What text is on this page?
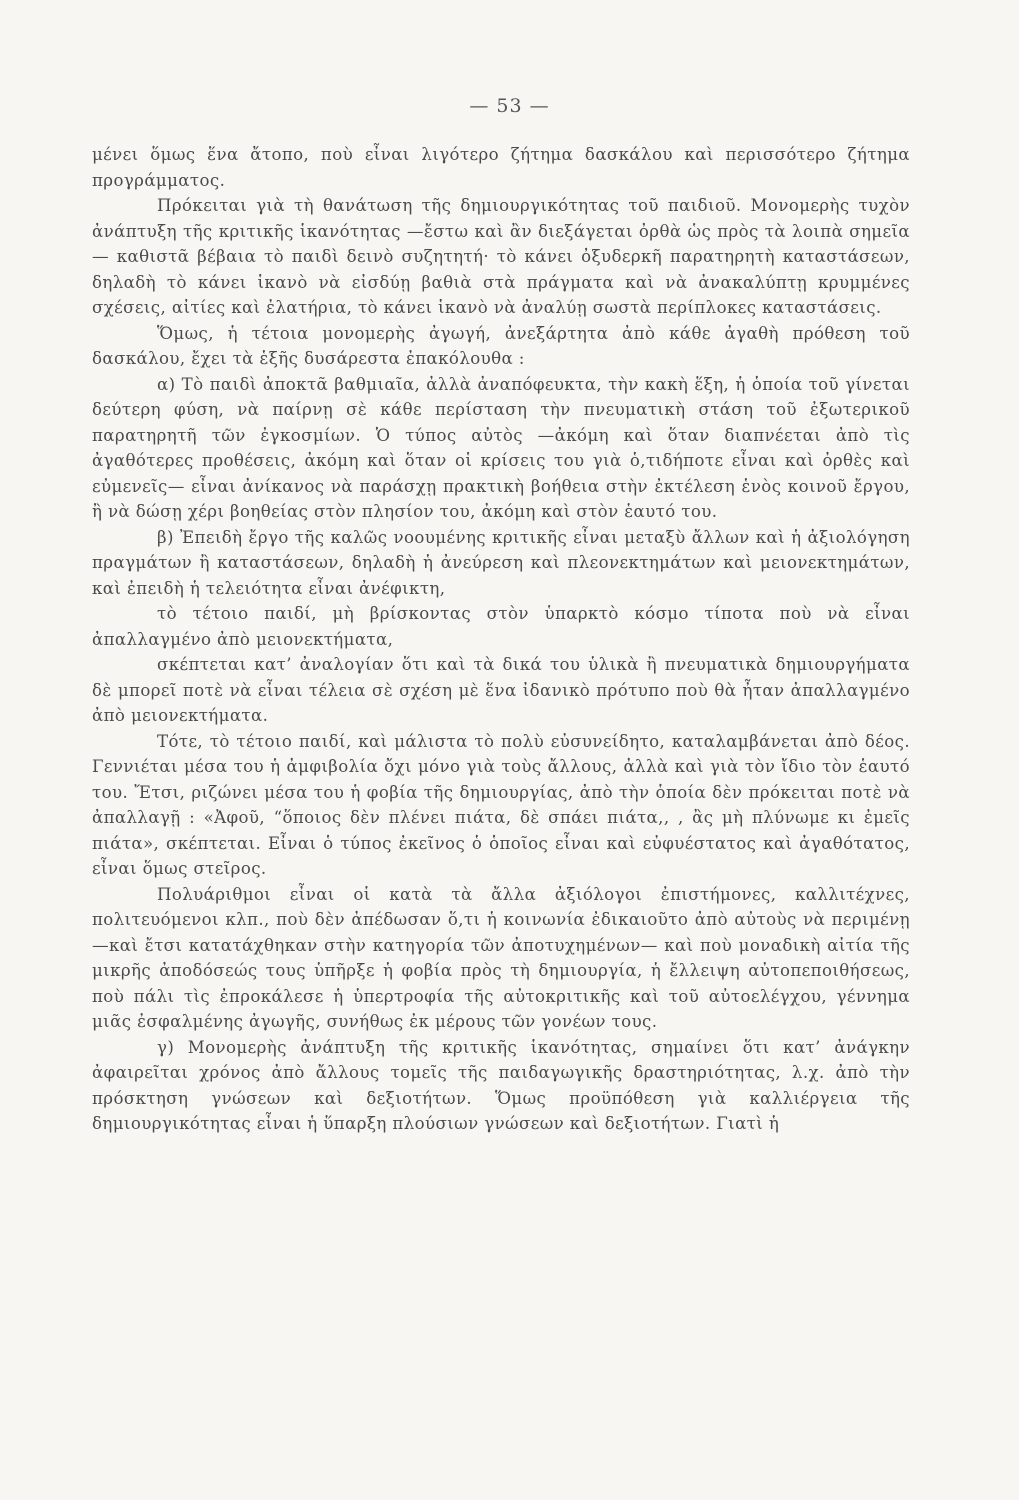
— 53 —

μένει ὅμως ἕνα ἄτοπο, ποὺ εἶναι λιγότερο ζήτημα δασκάλου καὶ περισσότερο ζήτημα προγράμματος.

Πρόκειται γιὰ τὴ θανάτωση τῆς δημιουργικότητας τοῦ παιδιοῦ. Μονομερὴς τυχὸν ἀνάπτυξη τῆς κριτικῆς ἱκανότητας —ἔστω καὶ ἂν διεξάγεται ὀρθὰ ὡς πρὸς τὰ λοιπὰ σημεῖα— καθιστᾶ βέβαια τὸ παιδὶ δεινὸ συζητητή· τὸ κάνει ὀξυδερκῆ παρατηρητὴ καταστάσεων, δηλαδὴ τὸ κάνει ἱκανὸ νὰ εἰσδύῃ βαθιὰ στὰ πράγματα καὶ νὰ ἀνακαλύπτῃ κρυμμένες σχέσεις, αἰτίες καὶ ἐλατήρια, τὸ κάνει ἱκανὸ νὰ ἀναλύῃ σωστὰ περίπλοκες καταστάσεις.

Ὅμως, ἡ τέτοια μονομερὴς ἀγωγή, ἀνεξάρτητα ἀπὸ κάθε ἀγαθὴ πρόθεση τοῦ δασκάλου, ἔχει τὰ ἑξῆς δυσάρεστα ἐπακόλουθα :

α) Τὸ παιδὶ ἀποκτᾶ βαθμιαῖα, ἀλλὰ ἀναπόφευκτα, τὴν κακὴ ἕξη, ἡ ὁποία τοῦ γίνεται δεύτερη φύση, νὰ παίρνῃ σὲ κάθε περίσταση τὴν πνευματικὴ στάση τοῦ ἐξωτερικοῦ παρατηρητῆ τῶν ἐγκοσμίων. Ὁ τύπος αὐτὸς —ἀκόμη καὶ ὅταν διαπνέεται ἀπὸ τὶς ἀγαθότερες προθέσεις, ἀκόμη καὶ ὅταν οἱ κρίσεις του γιὰ ὁ,τιδήποτε εἶναι καὶ ὀρθὲς καὶ εὐμενεῖς— εἶναι ἀνίκανος νὰ παράσχῃ πρακτικὴ βοήθεια στὴν ἐκτέλεση ἑνὸς κοινοῦ ἔργου, ἢ νὰ δώσῃ χέρι βοηθείας στὸν πλησίον του, ἀκόμη καὶ στὸν ἑαυτό του.

β) Ἐπειδὴ ἔργο τῆς καλῶς νοουμένης κριτικῆς εἶναι μεταξὺ ἄλλων καὶ ἡ ἀξιολόγηση πραγμάτων ἢ καταστάσεων, δηλαδὴ ἡ ἀνεύρεση καὶ πλεονεκτημάτων καὶ μειονεκτημάτων, καὶ ἐπειδὴ ἡ τελειότητα εἶναι ἀνέφικτη,

τὸ τέτοιο παιδί, μὴ βρίσκοντας στὸν ὑπαρκτὸ κόσμο τίποτα ποὺ νὰ εἶναι ἀπαλλαγμένο ἀπὸ μειονεκτήματα,

σκέπτεται κατ’ ἀναλογίαν ὅτι καὶ τὰ δικά του ὑλικὰ ἢ πνευματικὰ δημιουργήματα δὲ μπορεῖ ποτὲ νὰ εἶναι τέλεια σὲ σχέση μὲ ἕνα ἰδανικὸ πρότυπο ποὺ θὰ ἦταν ἀπαλλαγμένο ἀπὸ μειονεκτήματα.

Τότε, τὸ τέτοιο παιδί, καὶ μάλιστα τὸ πολὺ εὐσυνείδητο, καταλαμβάνεται ἀπὸ δέος. Γεννιέται μέσα του ἡ ἀμφιβολία ὄχι μόνο γιὰ τοὺς ἄλλους, ἀλλὰ καὶ γιὰ τὸν ἴδιο τὸν ἑαυτό του. Ἔτσι, ριζώνει μέσα του ἡ φοβία τῆς δημιουργίας, ἀπὸ τὴν ὁποία δὲν πρόκειται ποτὲ νὰ ἀπαλλαγῇ : «Ἀφοῦ, “ὅποιος δὲν πλένει πιάτα, δὲ σπάει πιάτα,, , ἂς μὴ πλύνωμε κι ἐμεῖς πιάτα», σκέπτεται. Εἶναι ὁ τύπος ἐκεῖνος ὁ ὁποῖος εἶναι καὶ εὐφυέστατος καὶ ἀγαθότατος, εἶναι ὅμως στεῖρος.

Πολυάριθμοι εἶναι οἱ κατὰ τὰ ἄλλα ἀξιόλογοι ἐπιστήμονες, καλλιτέχνες, πολιτευόμενοι κλπ., ποὺ δὲν ἀπέδωσαν ὅ,τι ἡ κοινωνία ἐδικαιοῦτο ἀπὸ αὐτοὺς νὰ περιμένῃ —καὶ ἔτσι κατατάχθηκαν στὴν κατηγορία τῶν ἀποτυχημένων— καὶ ποὺ μοναδικὴ αἰτία τῆς μικρῆς ἀποδόσεώς τους ὑπῆρξε ἡ φοβία πρὸς τὴ δημιουργία, ἡ ἔλλειψη αὐτοπεποιθήσεως, ποὺ πάλι τὶς ἐπροκάλεσε ἡ ὑπερτροφία τῆς αὐτοκριτικῆς καὶ τοῦ αὐτοελέγχου, γέννημα μιᾶς ἐσφαλμένης ἀγωγῆς, συνήθως ἐκ μέρους τῶν γονέων τους.

γ) Μονομερὴς ἀνάπτυξη τῆς κριτικῆς ἱκανότητας, σημαίνει ὅτι κατ’ ἀνάγκην ἀφαιρεῖται χρόνος ἀπὸ ἄλλους τομεῖς τῆς παιδαγωγικῆς δραστηριότητας, λ.χ. ἀπὸ τὴν πρόσκτηση γνώσεων καὶ δεξιοτήτων. Ὅμως προϋπόθεση γιὰ καλλιέργεια τῆς δημιουργικότητας εἶναι ἡ ὕπαρξη πλούσιων γνώσεων καὶ δεξιοτήτων. Γιατὶ ἡ
